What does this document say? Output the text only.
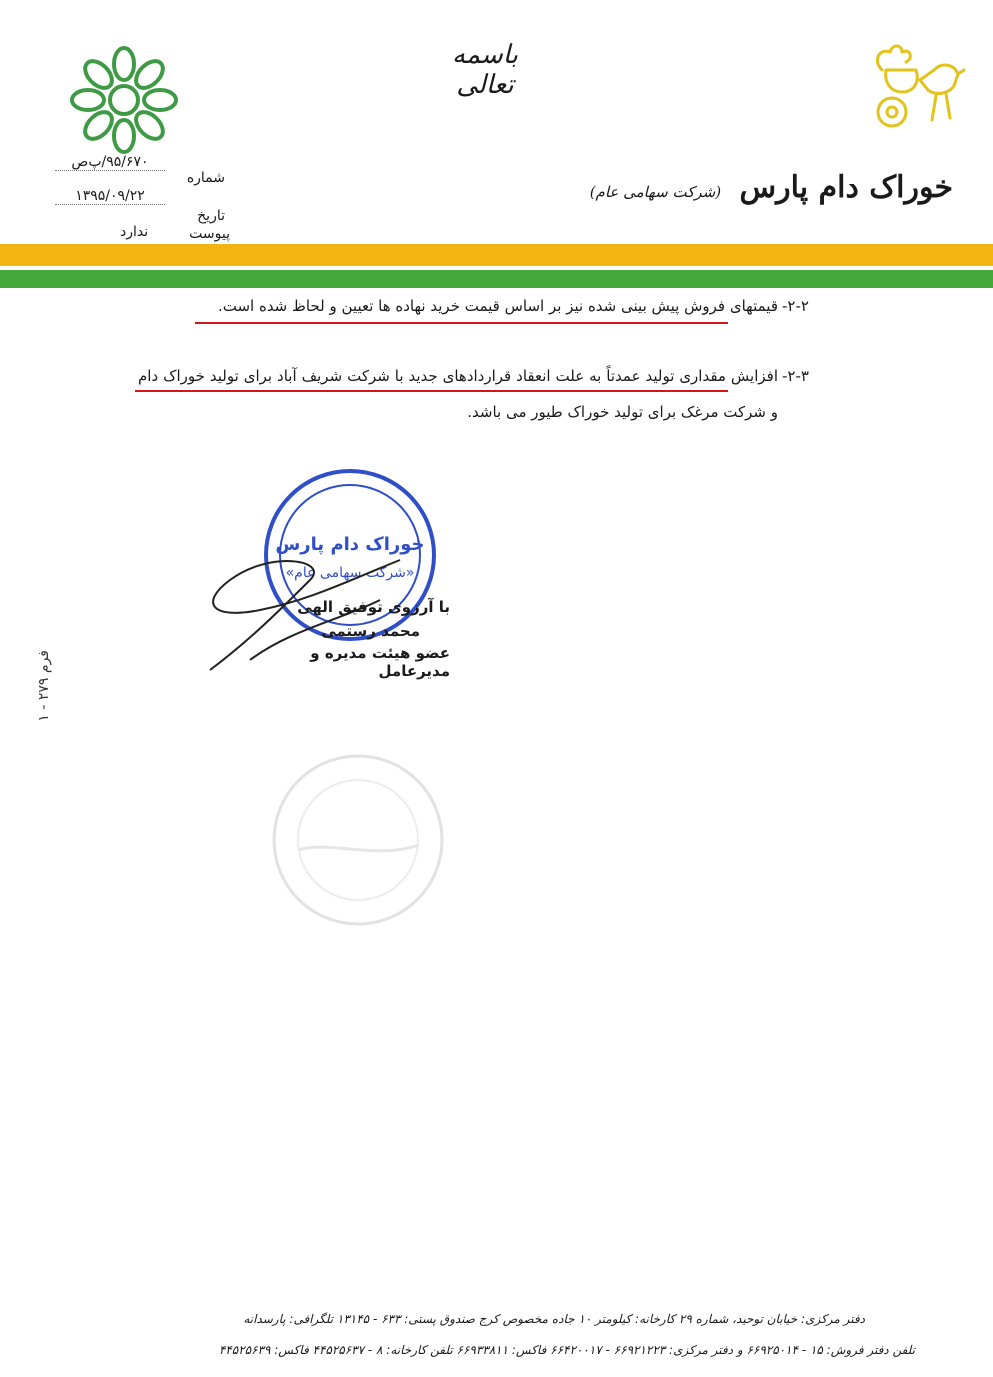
باسمه تعالی
خوراک دام پارس (شرکت سهامی عام)
۹۵/۶۷۰/پ‌ص
شماره
۱۳۹۵/۰۹/۲۲
تاریخ
پیوست
ندارد
۲-۲-
قیمتهای فروش پیش بینی شده نیز بر اساس قیمت خرید نهاده ها تعیین و لحاظ شده است.
۲-۳-
افزایش مقداری تولید عمدتاً به علت انعقاد قراردادهای جدید با شرکت شریف آباد برای تولید خوراک دام و شرکت مرغک برای تولید خوراک طیور می باشد.
خوراک دام پارس
«شرکت سهامی عام»
با آرزوی توفیق الهی
محمد رستمی
عضو هیئت مدیره و مدیرعامل
فرم ۲۷۹ - ۱
دفتر مرکزی: خیابان توحید، شماره ۲۹ کارخانه: کیلومتر ۱۰ جاده مخصوص کرج صندوق پستی: ۶۳۳ - ۱۳۱۴۵ تلگرافی: پارسدانه
تلفن دفتر فروش: ۱۵ - ۶۶۹۲۵۰۱۴ و دفتر مرکزی: ۶۶۹۲۱۲۲۳ - ۶۶۴۲۰۰۱۷ فاکس: ۶۶۹۳۳۸۱۱ تلفن کارخانه: ۸ - ۴۴۵۲۵۶۳۷ فاکس: ۴۴۵۲۵۶۳۹
